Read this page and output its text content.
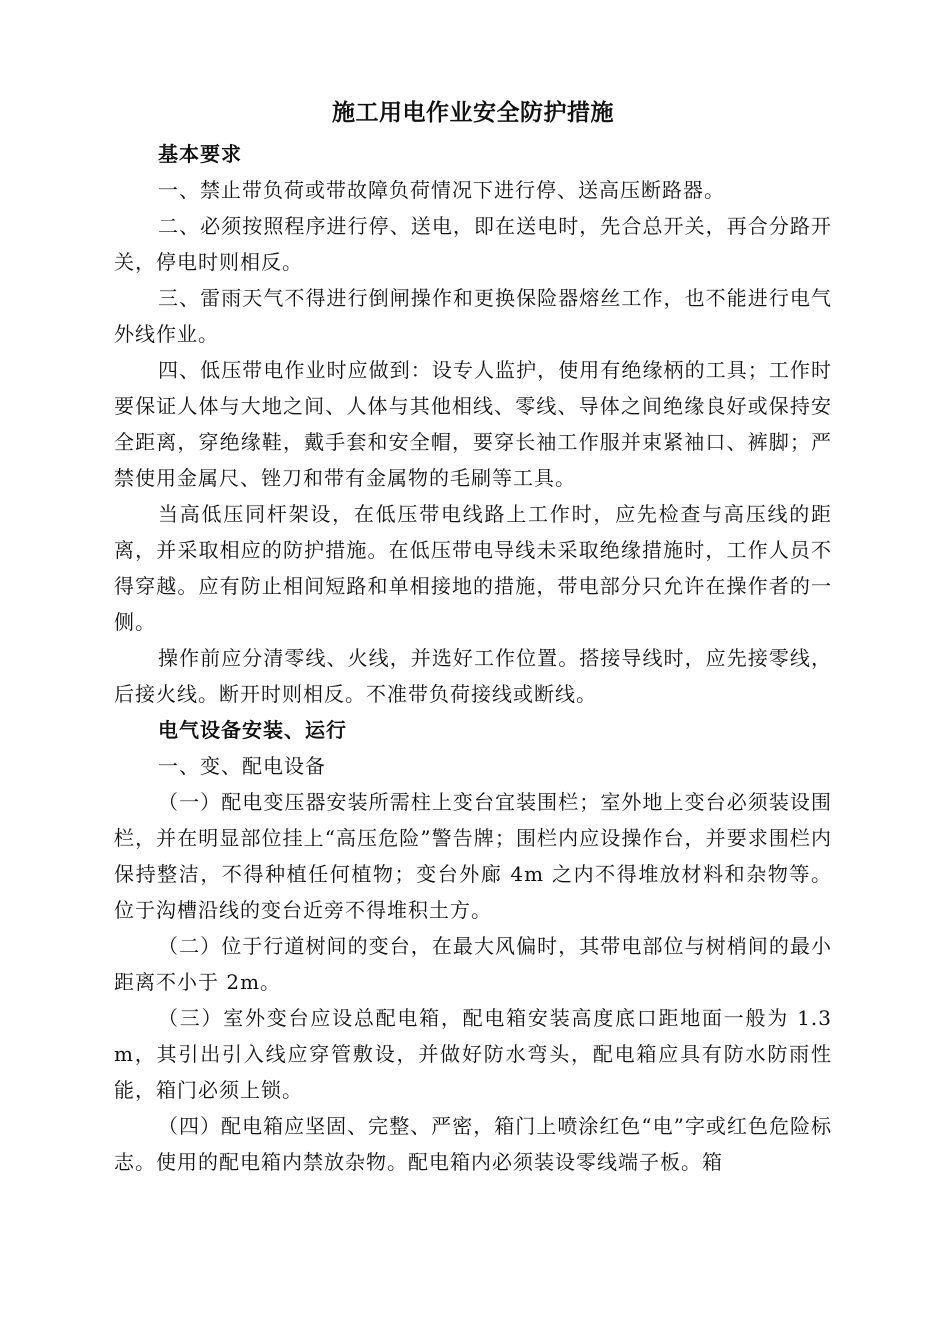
施工用电作业安全防护措施

基本要求

一、禁止带负荷或带故障负荷情况下进行停、送高压断路器。

二、必须按照程序进行停、送电，即在送电时，先合总开关，再合分路开关，停电时则相反。

三、雷雨天气不得进行倒闸操作和更换保险器熔丝工作，也不能进行电气外线作业。

四、低压带电作业时应做到：设专人监护，使用有绝缘柄的工具；工作时要保证人体与大地之间、人体与其他相线、零线、导体之间绝缘良好或保持安全距离，穿绝缘鞋，戴手套和安全帽，要穿长袖工作服并束紧袖口、裤脚；严禁使用金属尺、锉刀和带有金属物的毛刷等工具。

当高低压同杆架设，在低压带电线路上工作时，应先检查与高压线的距离，并采取相应的防护措施。在低压带电导线未采取绝缘措施时，工作人员不得穿越。应有防止相间短路和单相接地的措施，带电部分只允许在操作者的一侧。

操作前应分清零线、火线，并选好工作位置。搭接导线时，应先接零线，后接火线。断开时则相反。不准带负荷接线或断线。

电气设备安装、运行

一、变、配电设备

（一）配电变压器安装所需柱上变台宜装围栏；室外地上变台必须装设围栏，并在明显部位挂上“高压危险”警告牌；围栏内应设操作台，并要求围栏内保持整洁，不得种植任何植物；变台外廊 4m 之内不得堆放材料和杂物等。位于沟槽沿线的变台近旁不得堆积土方。

（二）位于行道树间的变台，在最大风偏时，其带电部位与树梢间的最小距离不小于 2m。

（三）室外变台应设总配电箱，配电箱安装高度底口距地面一般为 1.3m，其引出引入线应穿管敷设，并做好防水弯头，配电箱应具有防水防雨性能，箱门必须上锁。

（四）配电箱应坚固、完整、严密，箱门上喷涂红色“电”字或红色危险标志。使用的配电箱内禁放杂物。配电箱内必须装设零线端子板。箱
